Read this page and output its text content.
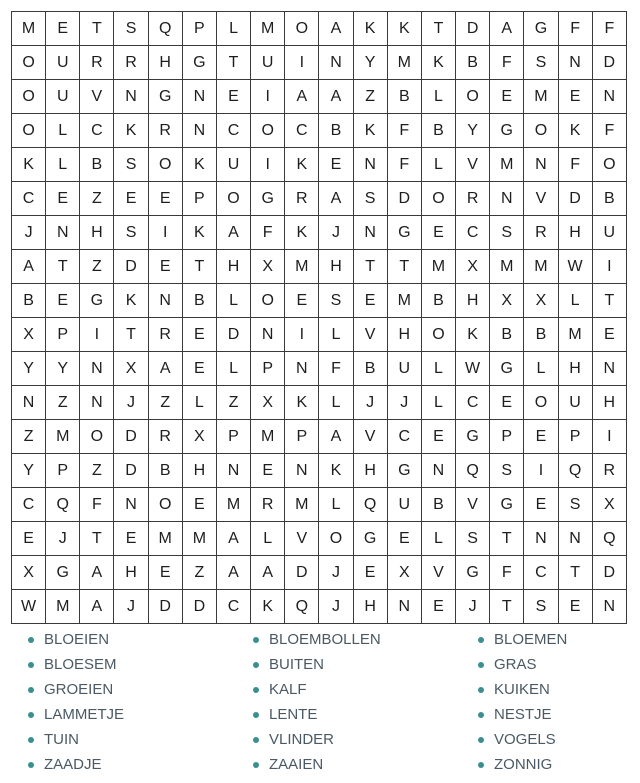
M	E	T	S	Q	P	L	M	O	A	K	K	T	D	A	G	F	F
O	U	R	R	H	G	T	U	I	N	Y	M	K	B	F	S	N	D
O	U	V	N	G	N	E	I	A	A	Z	B	L	O	E	M	E	N
O	L	C	K	R	N	C	O	C	B	K	F	B	Y	G	O	K	F
K	L	B	S	O	K	U	I	K	E	N	F	L	V	M	N	F	O
C	E	Z	E	E	P	O	G	R	A	S	D	O	R	N	V	D	B
J	N	H	S	I	K	A	F	K	J	N	G	E	C	S	R	H	U
A	T	Z	D	E	T	H	X	M	H	T	T	M	X	M	M	W	I
B	E	G	K	N	B	L	O	E	S	E	M	B	H	X	X	L	T
X	P	I	T	R	E	D	N	I	L	V	H	O	K	B	B	M	E
Y	Y	N	X	A	E	L	P	N	F	B	U	L	W	G	L	H	N
N	Z	N	J	Z	L	Z	X	K	L	J	J	L	C	E	O	U	H
Z	M	O	D	R	X	P	M	P	A	V	C	E	G	P	E	P	I
Y	P	Z	D	B	H	N	E	N	K	H	G	N	Q	S	I	Q	R
C	Q	F	N	O	E	M	R	M	L	Q	U	B	V	G	E	S	X
E	J	T	E	M	M	A	L	V	O	G	E	L	S	T	N	N	Q
X	G	A	H	E	Z	A	A	D	J	E	X	V	G	F	C	T	D
W	M	A	J	D	D	C	K	Q	J	H	N	E	J	T	S	E	N
BLOEIEN	BLOEMBOLLEN	BLOEMEN
BLOESEM	BUITEN	GRAS
GROEIEN	KALF	KUIKEN
LAMMETJE	LENTE	NESTJE
TUIN	VLINDER	VOGELS
ZAADJE	ZAAIEN	ZONNIG
